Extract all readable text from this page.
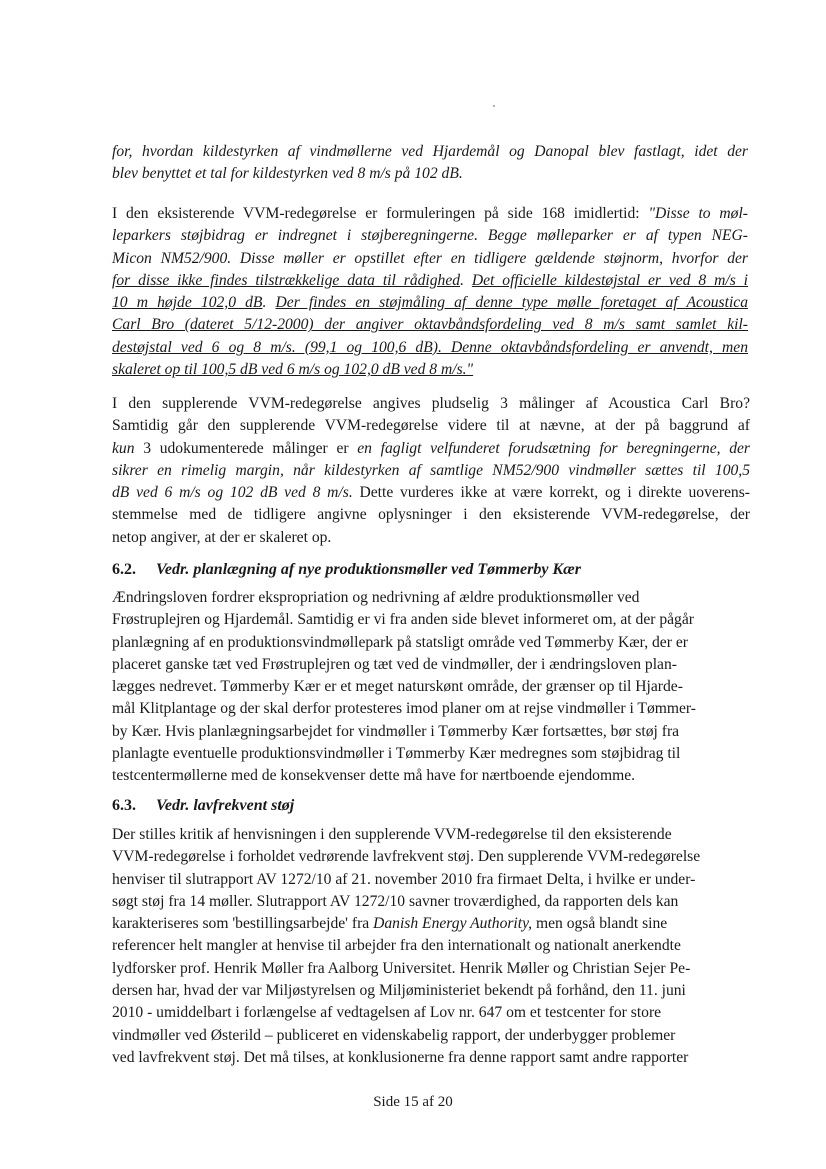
for, hvordan kildestyrken af vindmøllerne ved Hjardemål og Danopal blev fastlagt, idet der
blev benyttet et tal for kildestyrken ved 8 m/s på 102 dB.
I den eksisterende VVM-redegørelse er formuleringen på side 168 imidlertid: "Disse to møl-
leparkers støjbidrag er indregnet i støjberegningerne. Begge mølleparker er af typen NEG-
Micon NM52/900. Disse møller er opstillet efter en tidligere gældende støjnorm, hvorfor der
for disse ikke findes tilstrækkelige data til rådighed. Det officielle kildestøjstal er ved 8 m/s i
10 m højde 102,0 dB. Der findes en støjmåling af denne type mølle foretaget af Acoustica
Carl Bro (dateret 5/12-2000) der angiver oktavbåndsfordeling ved 8 m/s samt samlet kil-
destøjstal ved 6 og 8 m/s. (99,1 og 100,6 dB). Denne oktavbåndsfordeling er anvendt, men
skaleret op til 100,5 dB ved 6 m/s og 102,0 dB ved 8 m/s."
I den supplerende VVM-redegørelse angives pludselig 3 målinger af Acoustica Carl Bro?
Samtidig går den supplerende VVM-redegørelse videre til at nævne, at der på baggrund af
kun 3 udokumenterede målinger er en fagligt velfunderet forudsætning for beregningerne, der
sikrer en rimelig margin, når kildestyrken af samtlige NM52/900 vindmøller sættes til 100,5
dB ved 6 m/s og 102 dB ved 8 m/s. Dette vurderes ikke at være korrekt, og i direkte uoverens-
stemmelse med de tidligere angivne oplysninger i den eksisterende VVM-redegørelse, der
netop angiver, at der er skaleret op.
6.2. Vedr. planlægning af nye produktionsmøller ved Tømmerby Kær
Ændringsloven fordrer ekspropriation og nedrivning af ældre produktionsmøller ved
Frøstruplejren og Hjardemål. Samtidig er vi fra anden side blevet informeret om, at der pågår
planlægning af en produktionsvindmøllepark på statsligt område ved Tømmerby Kær, der er
placeret ganske tæt ved Frøstruplejren og tæt ved de vindmøller, der i ændringsloven plan-
lægges nedrevet. Tømmerby Kær er et meget naturskønt område, der grænser op til Hjarde-
mål Klitplantage og der skal derfor protesteres imod planer om at rejse vindmøller i Tømmer-
by Kær. Hvis planlægningsarbejdet for vindmøller i Tømmerby Kær fortsættes, bør støj fra
planlagte eventuelle produktionsvindmøller i Tømmerby Kær medregnes som støjbidrag til
testcentermøllerne med de konsekvenser dette må have for nærtboende ejendomme.
6.3. Vedr. lavfrekvent støj
Der stilles kritik af henvisningen i den supplerende VVM-redegørelse til den eksisterende
VVM-redegørelse i forholdet vedrørende lavfrekvent støj. Den supplerende VVM-redegørelse
henviser til slutrapport AV 1272/10 af 21. november 2010 fra firmaet Delta, i hvilke er under-
søgt støj fra 14 møller. Slutrapport AV 1272/10 savner troværdighed, da rapporten dels kan
karakteriseres som 'bestillingsarbejde' fra Danish Energy Authority, men også blandt sine
referencer helt mangler at henvise til arbejder fra den internationalt og nationalt anerkendte
lydforsker prof. Henrik Møller fra Aalborg Universitet. Henrik Møller og Christian Sejer Pe-
dersen har, hvad der var Miljøstyrelsen og Miljøministeriet bekendt på forhånd, den 11. juni
2010 - umiddelbart i forlængelse af vedtagelsen af Lov nr. 647 om et testcenter for store
vindmøller ved Østerild – publiceret en videnskabelig rapport, der underbygger problemer
ved lavfrekvent støj. Det må tilses, at konklusionerne fra denne rapport samt andre rapporter
Side 15 af 20
